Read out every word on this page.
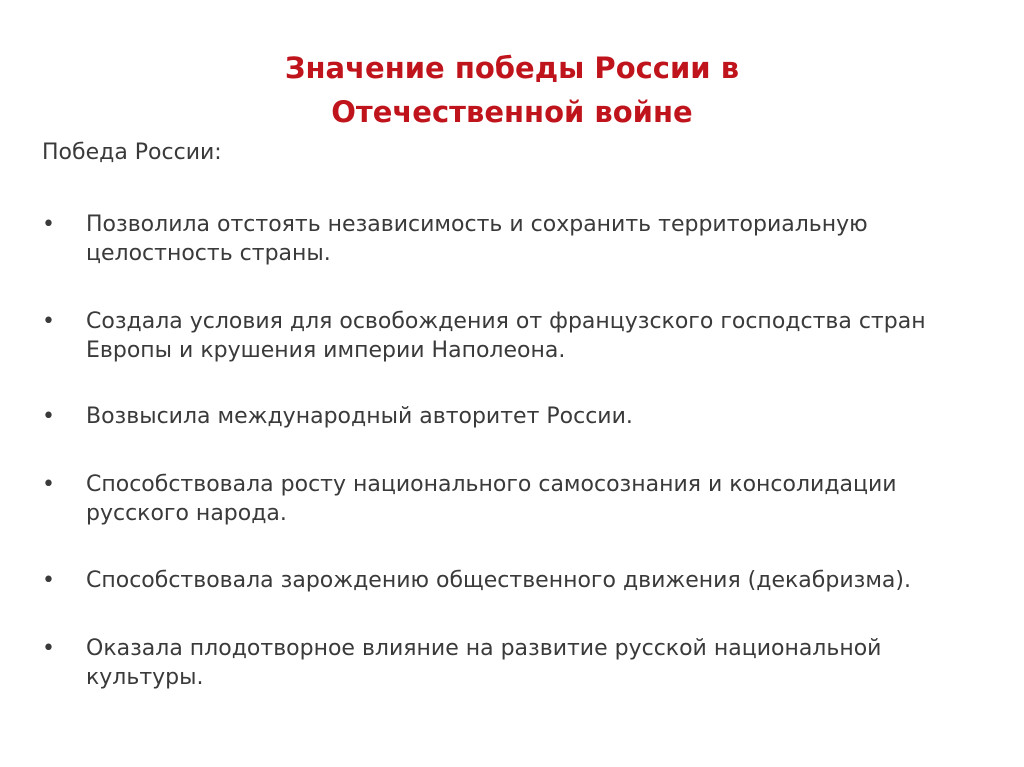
Значение победы России в
Отечественной войне
Победа России:
•	Позволила отстоять независимость и сохранить территориальную
целостность страны.
•	Создала условия для освобождения от французского господства стран
Европы и крушения империи Наполеона.
•	Возвысила международный авторитет России.
•	Способствовала росту национального самосознания и консолидации
русского народа.
•	Способствовала зарождению общественного движения (декабризма).
•	Оказала плодотворное влияние на развитие русской национальной
культуры.
